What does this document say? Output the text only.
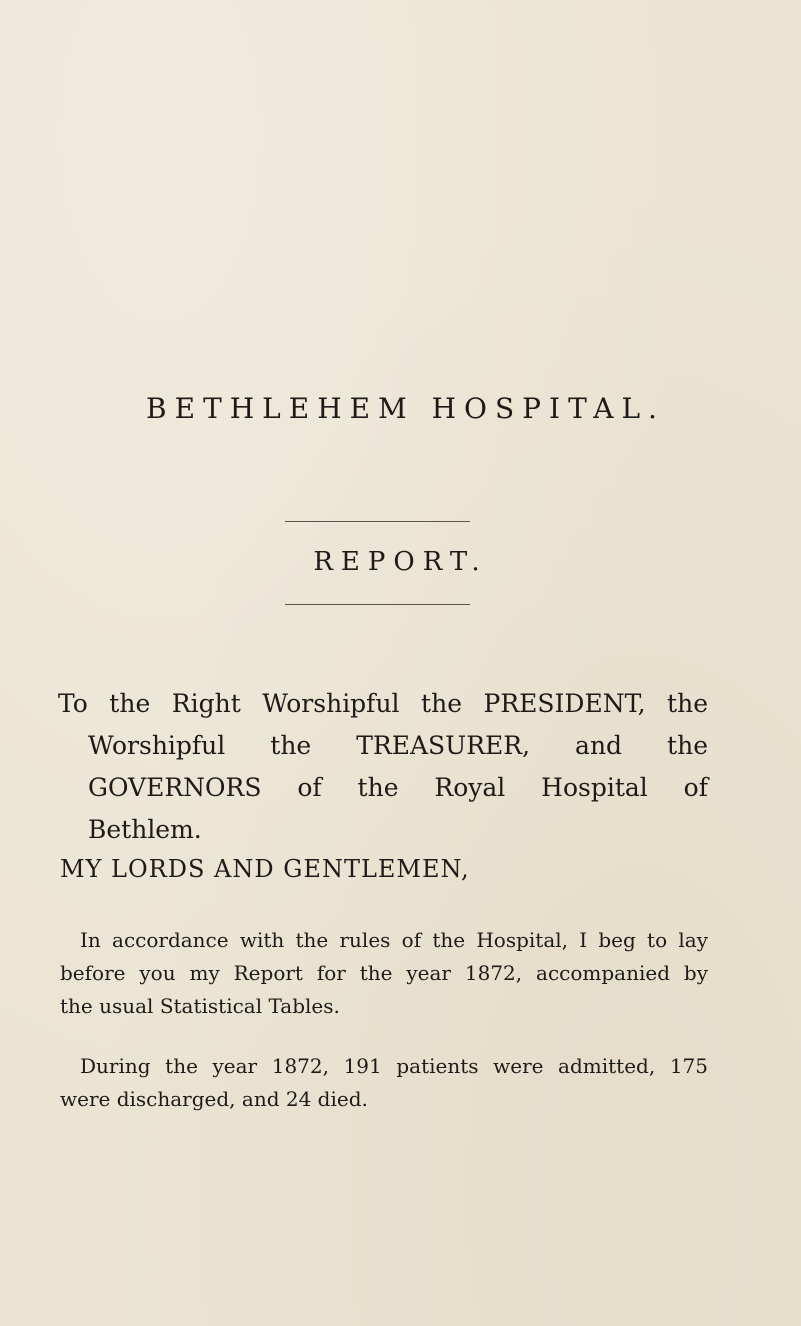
BETHLEHEM HOSPITAL.
REPORT.

To the Right Worshipful the PRESIDENT, the
Worshipful the TREASURER, and the
GOVERNORS of the Royal Hospital of
Bethlem.

MY LORDS AND GENTLEMEN,

In accordance with the rules of the Hospital, I beg to lay
before you my Report for the year 1872, accompanied by
the usual Statistical Tables.

During the year 1872, 191 patients were admitted, 175
were discharged, and 24 died.
